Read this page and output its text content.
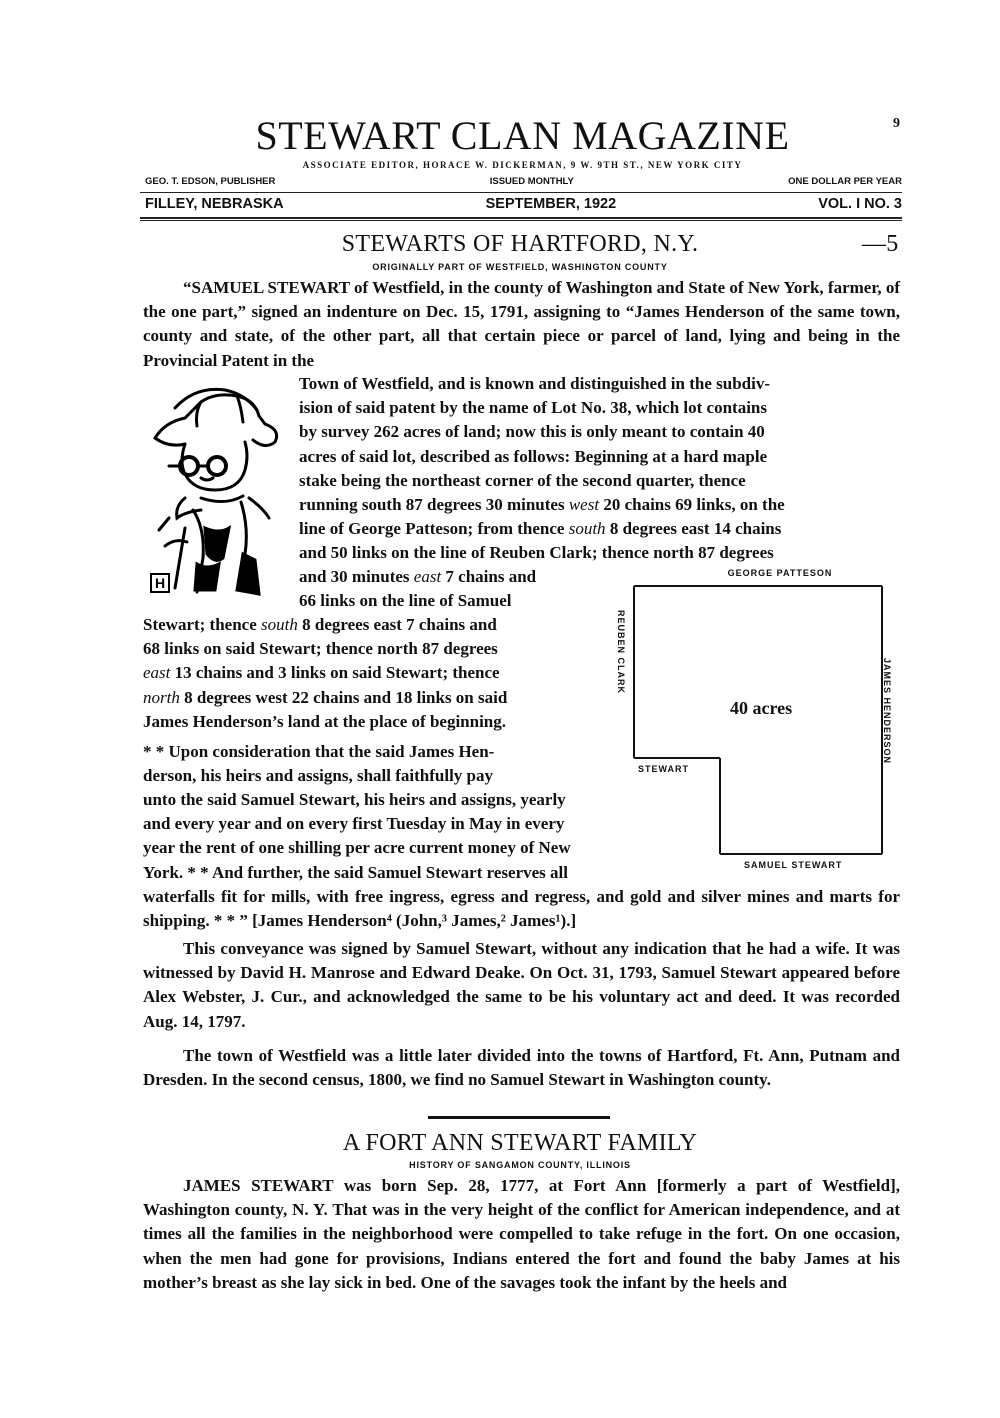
STEWART CLAN MAGAZINE	9
ASSOCIATE EDITOR, HORACE W. DICKERMAN, 9 W. 9TH ST., NEW YORK CITY
GEO. T. EDSON, PUBLISHER	ISSUED MONTHLY	ONE DOLLAR PER YEAR
FILLEY, NEBRASKA	SEPTEMBER, 1922	VOL. I NO. 3
STEWARTS OF HARTFORD, N.Y.	—5
ORIGINALLY PART OF WESTFIELD, WASHINGTON COUNTY
“SAMUEL STEWART of Westfield, in the county of Washington and State of New York, farmer, of the one part,” signed an indenture on Dec. 15, 1791, assigning to “James Henderson of the same town, county and state, of the other part, all that certain piece or parcel of land, lying and being in the Provincial Patent in the
H

Town of Westfield, and is known and distinguished in the subdiv-

ision of said patent by the name of Lot No. 38, which lot contains

by survey 262 acres of land; now this is only meant to contain 40

acres of said lot, described as follows: Beginning at a hard maple

stake being the northeast corner of the second quarter, thence

running south 87 degrees 30 minutes west 20 chains 69 links, on the

line of George Patteson; from thence south 8 degrees east 14 chains

and 50 links on the line of Reuben Clark; thence north 87 degrees

and 30 minutes east 7 chains and

66 links on the line of Samuel

Stewart; thence south 8 degrees east 7 chains and

68 links on said Stewart; thence north 87 degrees

east 13 chains and 3 links on said Stewart; thence

north 8 degrees west 22 chains and 18 links on said

James Henderson’s land at the place of beginning.

* * Upon consideration that the said James Hen-

derson, his heirs and assigns, shall faithfully pay

unto the said Samuel Stewart, his heirs and assigns, yearly

and every year and on every first Tuesday in May in every

year the rent of one shilling per acre current money of New

York. * * And further, the said Samuel Stewart reserves all

waterfalls fit for mills, with free ingress, egress and regress, and gold and silver mines and marts for shipping. * * ” [James Henderson⁴ (John,³ James,² James¹).]
GEORGE PATTESON
REUBEN CLARK
JAMES HENDERSON
STEWART
SAMUEL STEWART
40 acres
This conveyance was signed by Samuel Stewart, without any indication that he had a wife. It was witnessed by David H. Manrose and Edward Deake. On Oct. 31, 1793, Samuel Stewart appeared before Alex Webster, J. Cur., and acknowledged the same to be his voluntary act and deed. It was recorded Aug. 14, 1797.
The town of Westfield was a little later divided into the towns of Hartford, Ft. Ann, Putnam and Dresden. In the second census, 1800, we find no Samuel Stewart in Washington county.
A FORT ANN STEWART FAMILY
HISTORY OF SANGAMON COUNTY, ILLINOIS
JAMES STEWART was born Sep. 28, 1777, at Fort Ann [formerly a part of Westfield], Washington county, N. Y. That was in the very height of the conflict for American independence, and at times all the families in the neighborhood were compelled to take refuge in the fort. On one occasion, when the men had gone for provisions, Indians entered the fort and found the baby James at his mother’s breast as she lay sick in bed. One of the savages took the infant by the heels and
